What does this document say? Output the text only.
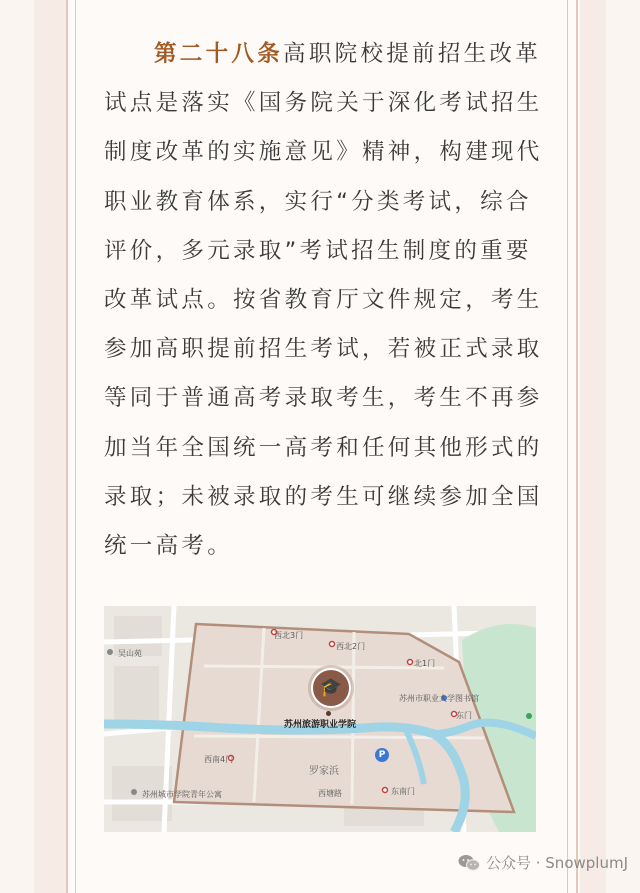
第二十八条高职院校提前招生改革试点是落实《国务院关于深化考试招生制度改革的实施意见》精神，构建现代职业教育体系，实行“分类考试，综合评价，多元录取”考试招生制度的重要改革试点。按省教育厅文件规定，考生参加高职提前招生考试，若被正式录取等同于普通高考录取考生，考生不再参加当年全国统一高考和任何其他形式的录取；未被录取的考生可继续参加全国统一高考。

西北3门
西北2门
北1门
苏州市职业大学图书馆
东门
西南4门
东南门
吴山苑
苏州城市学院青年公寓	西塘路
罗家浜
苏州旅游职业学院
🎓
P
公众号 · SnowplumJ
